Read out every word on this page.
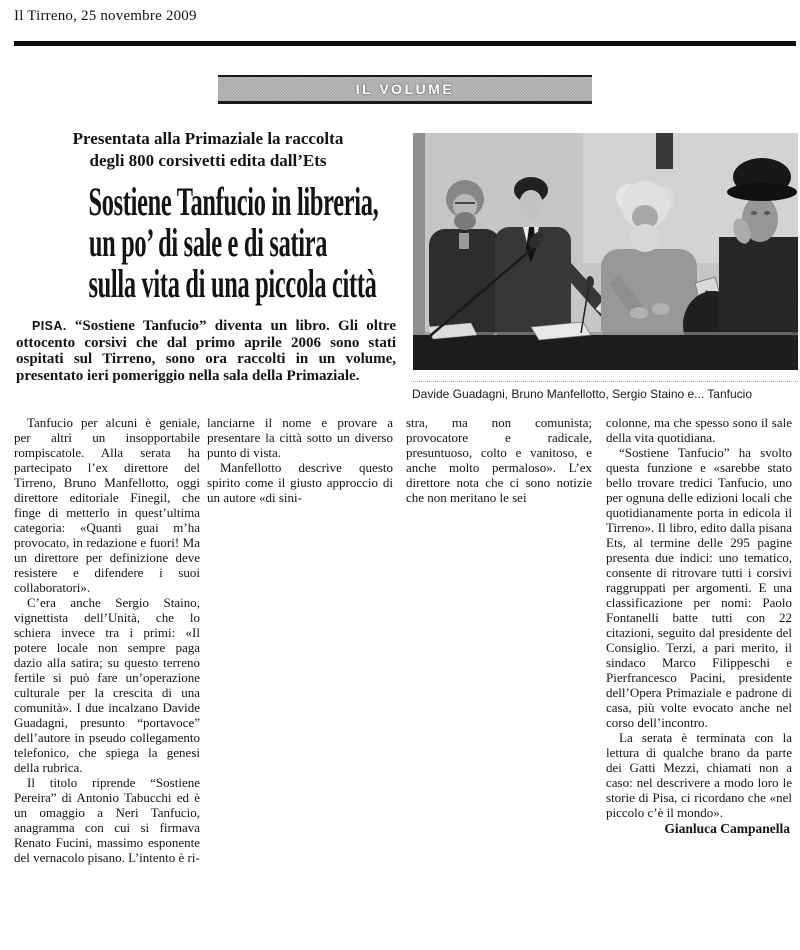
Il Tirreno, 25 novembre 2009
IL VOLUME
Presentata alla Primaziale la raccolta
degli 800 corsivetti edita dall’Ets
Sostiene Tanfucio in libreria,
un po’ di sale e di satira
sulla vita di una piccola città

PISA. “Sostiene Tanfucio” diventa un libro. Gli oltre ottocento corsivi che dal primo aprile 2006 sono stati ospitati sul Tirreno, sono ora raccolti in un volume, presentato ieri pomeriggio nella sala della Primaziale.

FABIO MUZZI - 2009
Davide Guadagni, Bruno Manfellotto, Sergio Staino e... Tanfucio

Tanfucio per alcuni è geniale, per altri un insopportabile rompiscatole. Alla serata ha partecipato l’ex direttore del Tirreno, Bruno Manfellotto, oggi direttore editoriale Finegil, che finge di metterlo in quest’ultima categoria: «Quanti guai m’ha provocato, in redazione e fuori! Ma un direttore per definizione deve resistere e difendere i suoi collaboratori».

C’era anche Sergio Staino, vignettista dell’Unità, che lo schiera invece tra i primi: «Il potere locale non sempre paga dazio alla satira; su questo terreno fertile si può fare un’operazione culturale per la crescita di una comunità». I due incalzano Davide Guadagni, presunto “portavoce” dell’autore in pseudo collegamento telefonico, che spiega la genesi della rubrica.

Il titolo riprende “Sostiene Pereira” di Antonio Tabucchi ed è un omaggio a Neri Tanfucio, anagramma con cui si firmava Renato Fucini, massimo esponente del vernacolo pisano. L’intento è ri-

lanciarne il nome e provare a presentare la città sotto un diverso punto di vista.

Manfellotto descrive questo spirito come il giusto approccio di un autore «di sini-

stra, ma non comunista; provocatore e radicale, presuntuoso, colto e vanitoso, e anche molto permaloso». L’ex direttore nota che ci sono notizie che non meritano le sei

colonne, ma che spesso sono il sale della vita quotidiana.

“Sostiene Tanfucio” ha svolto questa funzione e «sarebbe stato bello trovare tredici Tanfucio, uno per ognuna delle edizioni locali che quotidianamente porta in edicola il Tirreno». Il libro, edito dalla pisana Ets, al termine delle 295 pagine presenta due indici: uno tematico, consente di ritrovare tutti i corsivi raggruppati per argomenti. E una classificazione per nomi: Paolo Fontanelli batte tutti con 22 citazioni, seguito dal presidente del Consiglio. Terzi, a pari merito, il sindaco Marco Filippeschi e Pierfrancesco Pacini, presidente dell’Opera Primaziale e padrone di casa, più volte evocato anche nel corso dell’incontro.

La serata è terminata con la lettura di qualche brano da parte dei Gatti Mezzi, chiamati non a caso: nel descrivere a modo loro le storie di Pisa, ci ricordano che «nel piccolo c’è il mondo».

Gianluca Campanella
